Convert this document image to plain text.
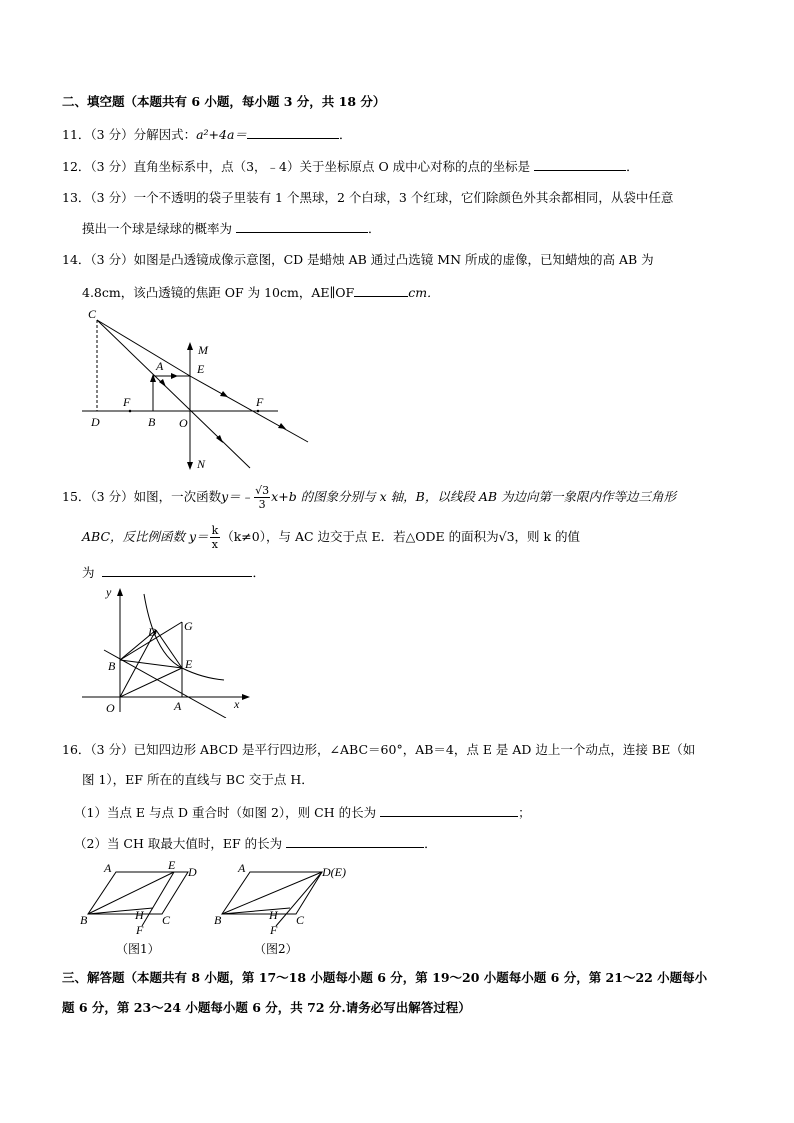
二、填空题（本题共有 6 小题，每小题 3 分，共 18 分）
11．（3 分）分解因式：a²+4a＝	．
12．（3 分）直角坐标系中，点（3，﹣4）关于坐标原点 O 成中心对称的点的坐标是	．
13．（3 分）一个不透明的袋子里装有 1 个黑球，2 个白球，3 个红球，它们除颜色外其余都相同，从袋中任意
摸出一个球是绿球的概率为	．
14．（3 分）如图是凸透镜成像示意图，CD 是蜡烛 AB 通过凸选镜 MN 所成的虚像，已知蜡烛的高 AB 为
4.8cm，该凸透镜的焦距 OF 为 10cm，AE∥OF	cm．
C
M
A	E
F	F
D	B O
N
15．（3 分）如图，一次函数y＝﹣ $\frac{√3}{3} x+b$ 的图象分别与 x 轴，B，以线段 AB 为边向第一象限内作等边三角形
ABC，反比例函数 $y= \frac{k}{x} (k\ne 0)$，与 AC 边交于点 E．若△ODE 的面积为√3，则 k 的值
为	．
y
x
O	A
B
D G
E
16．（3 分）已知四边形 ABCD 是平行四边形，∠ABC＝60°，AB＝4，点 E 是 AD 边上一个动点，连接 BE（如
图 1），EF 所在的直线与 BC 交于点 H．
（1）当点 E 与点 D 重合时（如图 2），则 CH 的长为	；
（2）当 CH 取最大值时，EF 的长为	．
A	E D
B	H
F
C
（图1）
A	D(E)
B	H
F
C
（图2）
三、解答题（本题共有 8 小题，第 17～18 小题每小题 6 分，第 19～20 小题每小题 6 分，第 21～22 小题每小
题 6 分，第 23～24 小题每小题 6 分，共 72 分.请务必写出解答过程）
